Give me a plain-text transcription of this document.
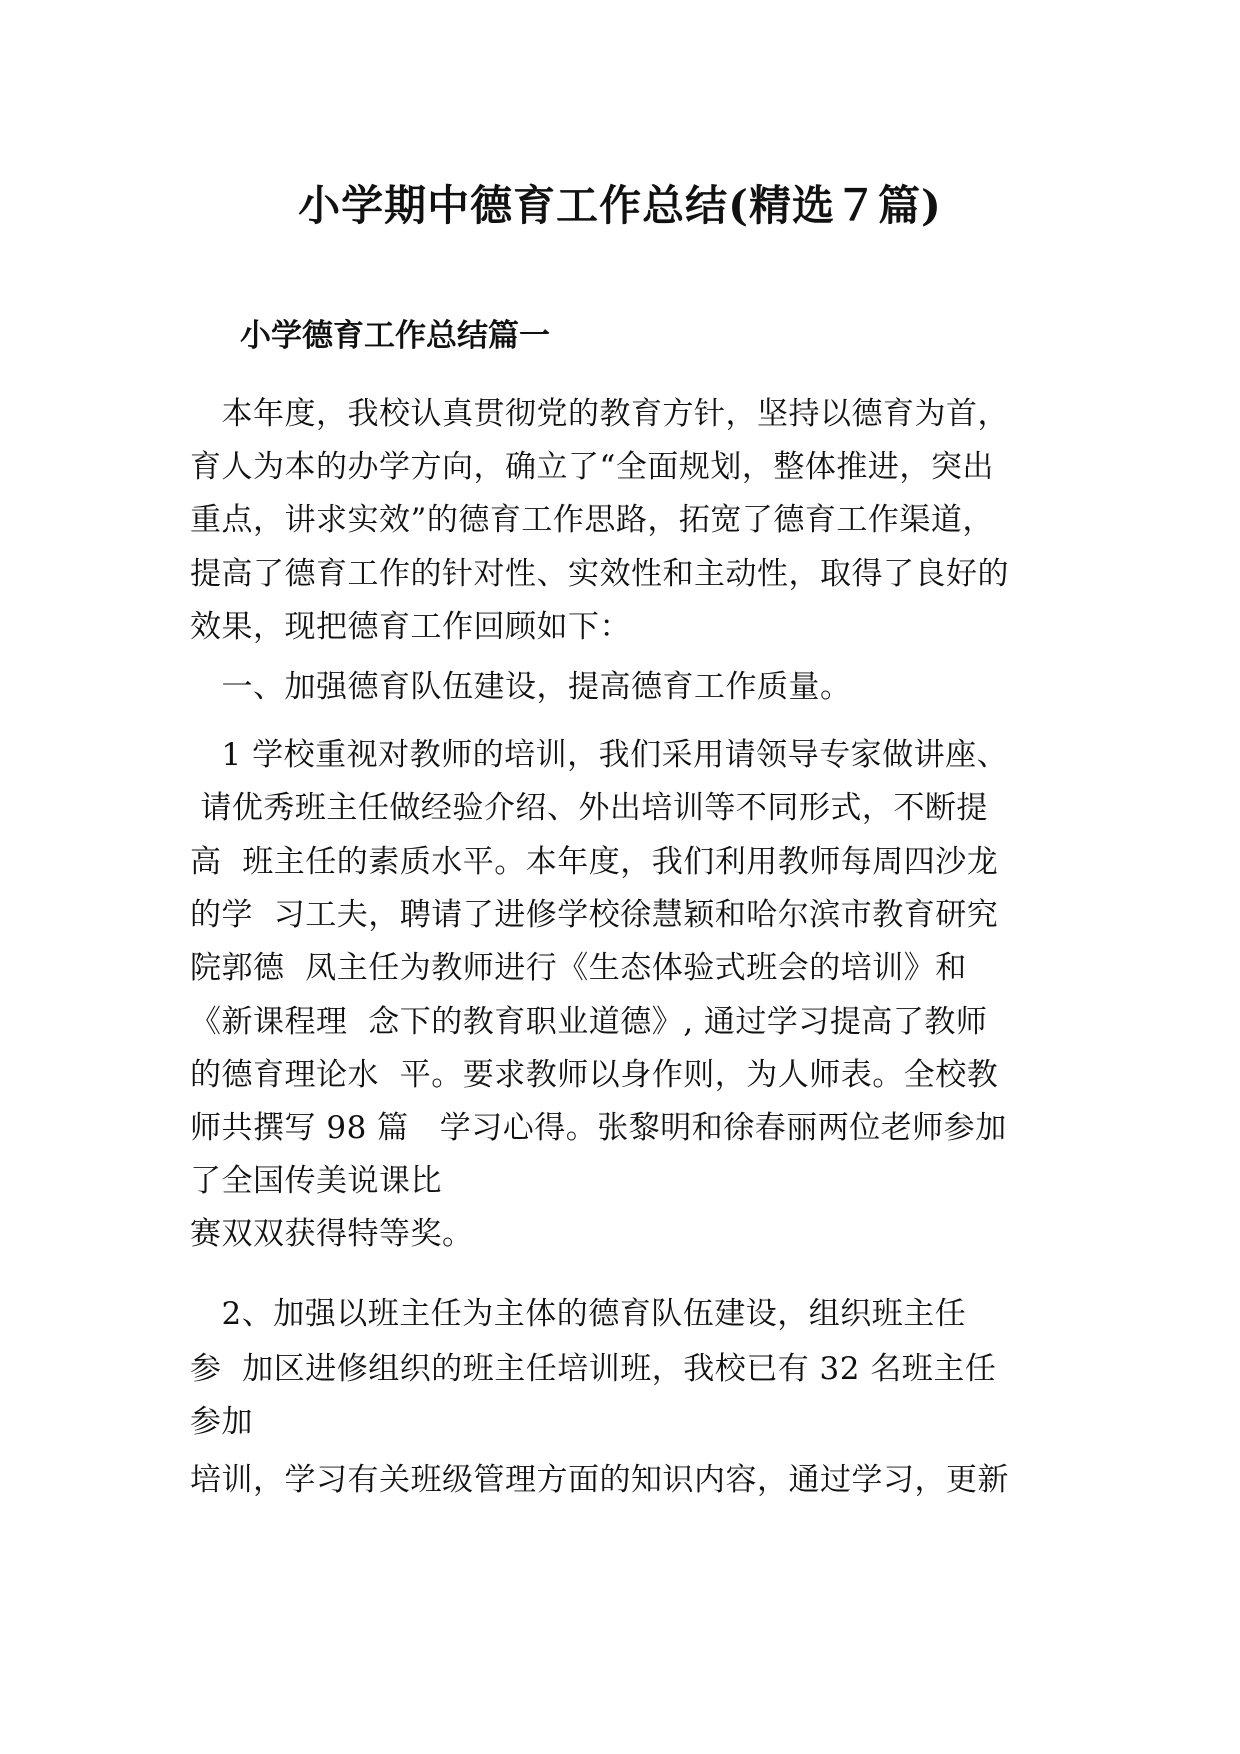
小学期中德育工作总结(精选７篇)
小学德育工作总结篇一
　本年度，我校认真贯彻党的教育方针，坚持以德育为首，
育人为本的办学方向，确立了“全面规划，整体推进，突出
重点，讲求实效”的德育工作思路，拓宽了德育工作渠道，
提高了德育工作的针对性、实效性和主动性，取得了良好的
效果，现把德育工作回顾如下：
　一、加强德育队伍建设，提高德育工作质量。
　1 学校重视对教师的培训，我们采用请领导专家做讲座、
请优秀班主任做经验介绍、外出培训等不同形式，不断提
高  班主任的素质水平。本年度，我们利用教师每周四沙龙
的学  习工夫，聘请了进修学校徐慧颖和哈尔滨市教育研究
院郭德  凤主任为教师进行《生态体验式班会的培训》和
《新课程理  念下的教育职业道德》, 通过学习提高了教师
的德育理论水  平。要求教师以身作则，为人师表。全校教
师共撰写 98 篇   学习心得。张黎明和徐春丽两位老师参加
了全国传美说课比
赛双双获得特等奖。
　2、加强以班主任为主体的德育队伍建设，组织班主任
参  加区进修组织的班主任培训班，我校已有 32 名班主任
参加
培训，学习有关班级管理方面的知识内容，通过学习，更新
